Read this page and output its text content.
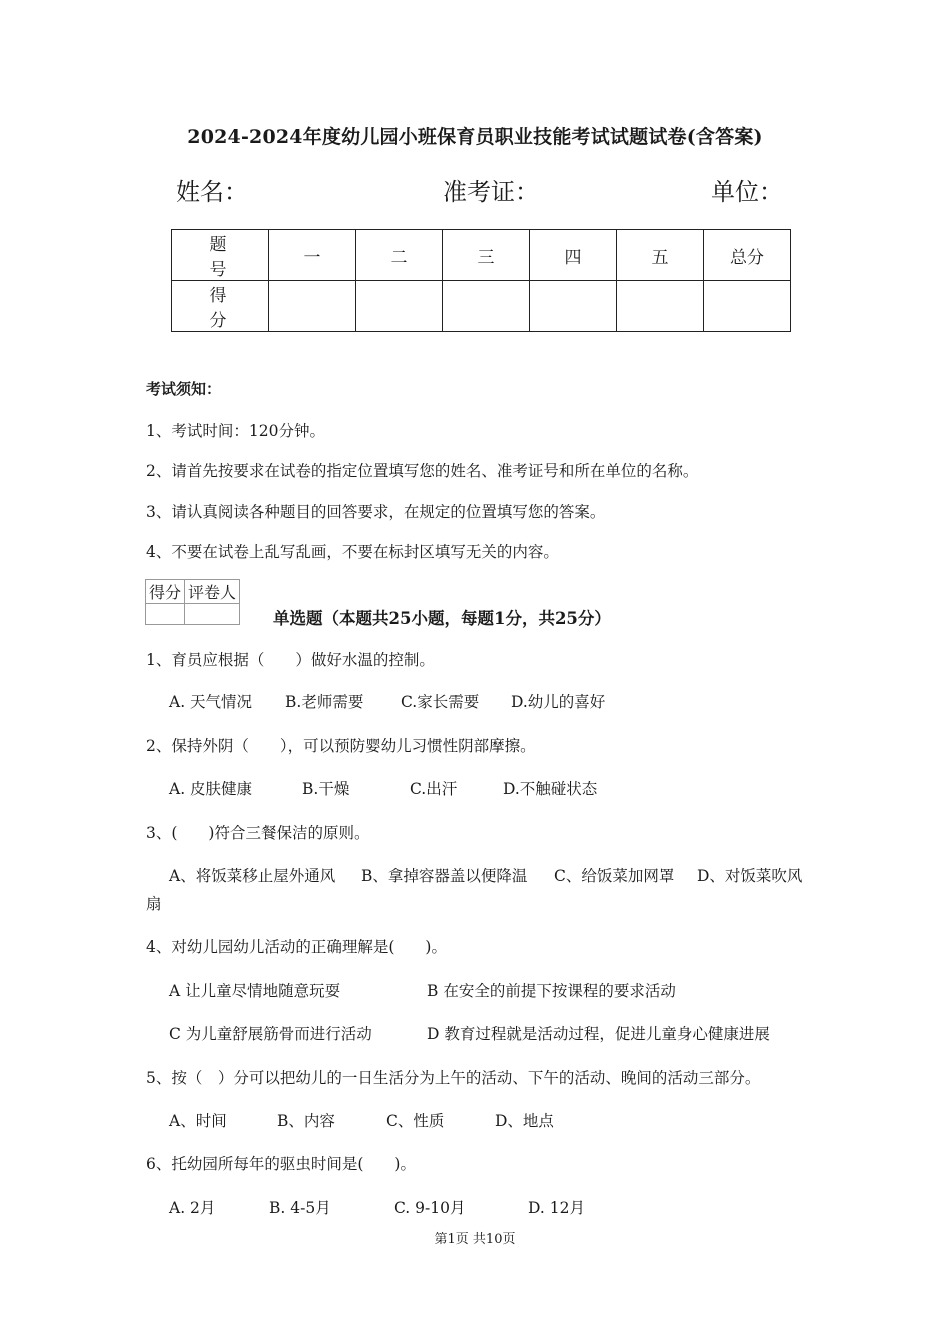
2024-2024年度幼儿园小班保育员职业技能考试试题试卷(含答案)
姓名：	准考证：	单位：
题　号	一	二	三	四	五	总分
得　分						
考试须知：
1、考试时间：120分钟。
2、请首先按要求在试卷的指定位置填写您的姓名、准考证号和所在单位的名称。
3、请认真阅读各种题目的回答要求，在规定的位置填写您的答案。
4、不要在试卷上乱写乱画，不要在标封区填写无关的内容。
得分	评卷人

单选题（本题共25小题，每题1分，共25分）
1、育员应根据（　　）做好水温的控制。
A. 天气情况 B.老师需要 C.家长需要 D.幼儿的喜好
2、保持外阴（　　），可以预防婴幼儿习惯性阴部摩擦。
A. 皮肤健康	B.干燥	C.出汗	D.不触碰状态
3、(　　)符合三餐保洁的原则。
A、将饭菜移止屋外通风 B、拿掉容器盖以便降温 C、给饭菜加网罩 D、对饭菜吹风
扇
4、对幼儿园幼儿活动的正确理解是(　　)。
A 让儿童尽情地随意玩耍	B 在安全的前提下按课程的要求活动
C 为儿童舒展筋骨而进行活动	D 教育过程就是活动过程，促进儿童身心健康进展
5、按（　）分可以把幼儿的一日生活分为上午的活动、下午的活动、晚间的活动三部分。
A、时间	B、内容	C、性质	D、地点
6、托幼园所每年的驱虫时间是(　　)。
A. 2月	B. 4-5月	C. 9-10月	D. 12月
第1页 共10页
